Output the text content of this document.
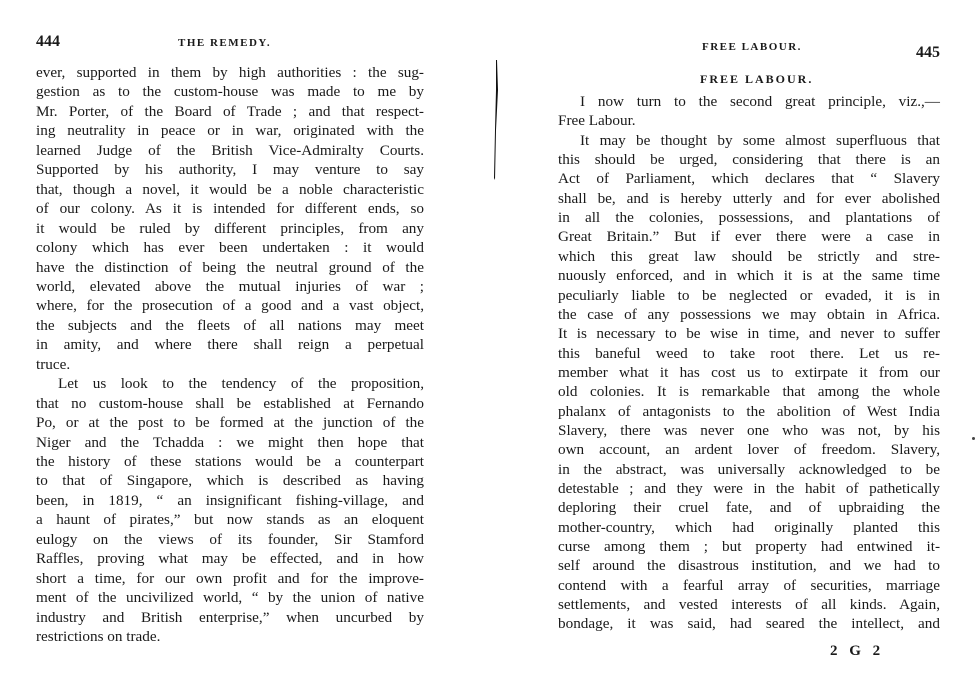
444	THE REMEDY.
ever, supported in them by high authorities : the sug-
gestion as to the custom-house was made to me by
Mr. Porter, of the Board of Trade ; and that respect-
ing neutrality in peace or in war, originated with the
learned Judge of the British Vice-Admiralty Courts.
Supported by his authority, I may venture to say
that, though a novel, it would be a noble characteristic
of our colony. As it is intended for different ends, so
it would be ruled by different principles, from any
colony which has ever been undertaken : it would
have the distinction of being the neutral ground of the
world, elevated above the mutual injuries of war ;
where, for the prosecution of a good and a vast object,
the subjects and the fleets of all nations may meet
in amity, and where there shall reign a perpetual
truce.
Let us look to the tendency of the proposition,
that no custom-house shall be established at Fernando
Po, or at the post to be formed at the junction of the
Niger and the Tchadda : we might then hope that
the history of these stations would be a counterpart
to that of Singapore, which is described as having
been, in 1819, “ an insignificant fishing-village, and
a haunt of pirates,” but now stands as an eloquent
eulogy on the views of its founder, Sir Stamford
Raffles, proving what may be effected, and in how
short a time, for our own profit and for the improve-
ment of the uncivilized world, “ by the union of native
industry and British enterprise,” when uncurbed by
restrictions on trade.
FREE LABOUR.	445
FREE LABOUR.
I now turn to the second great principle, viz.,—
Free Labour.
It may be thought by some almost superfluous that
this should be urged, considering that there is an
Act of Parliament, which declares that “ Slavery
shall be, and is hereby utterly and for ever abolished
in all the colonies, possessions, and plantations of
Great Britain.” But if ever there were a case in
which this great law should be strictly and stre-
nuously enforced, and in which it is at the same time
peculiarly liable to be neglected or evaded, it is in
the case of any possessions we may obtain in Africa.
It is necessary to be wise in time, and never to suffer
this baneful weed to take root there. Let us re-
member what it has cost us to extirpate it from our
old colonies. It is remarkable that among the whole
phalanx of antagonists to the abolition of West India
Slavery, there was never one who was not, by his
own account, an ardent lover of freedom. Slavery,
in the abstract, was universally acknowledged to be
detestable ; and they were in the habit of pathetically
deploring their cruel fate, and of upbraiding the
mother-country, which had originally planted this
curse among them ; but property had entwined it-
self around the disastrous institution, and we had to
contend with a fearful array of securities, marriage
settlements, and vested interests of all kinds. Again,
bondage, it was said, had seared the intellect, and
2 G 2
